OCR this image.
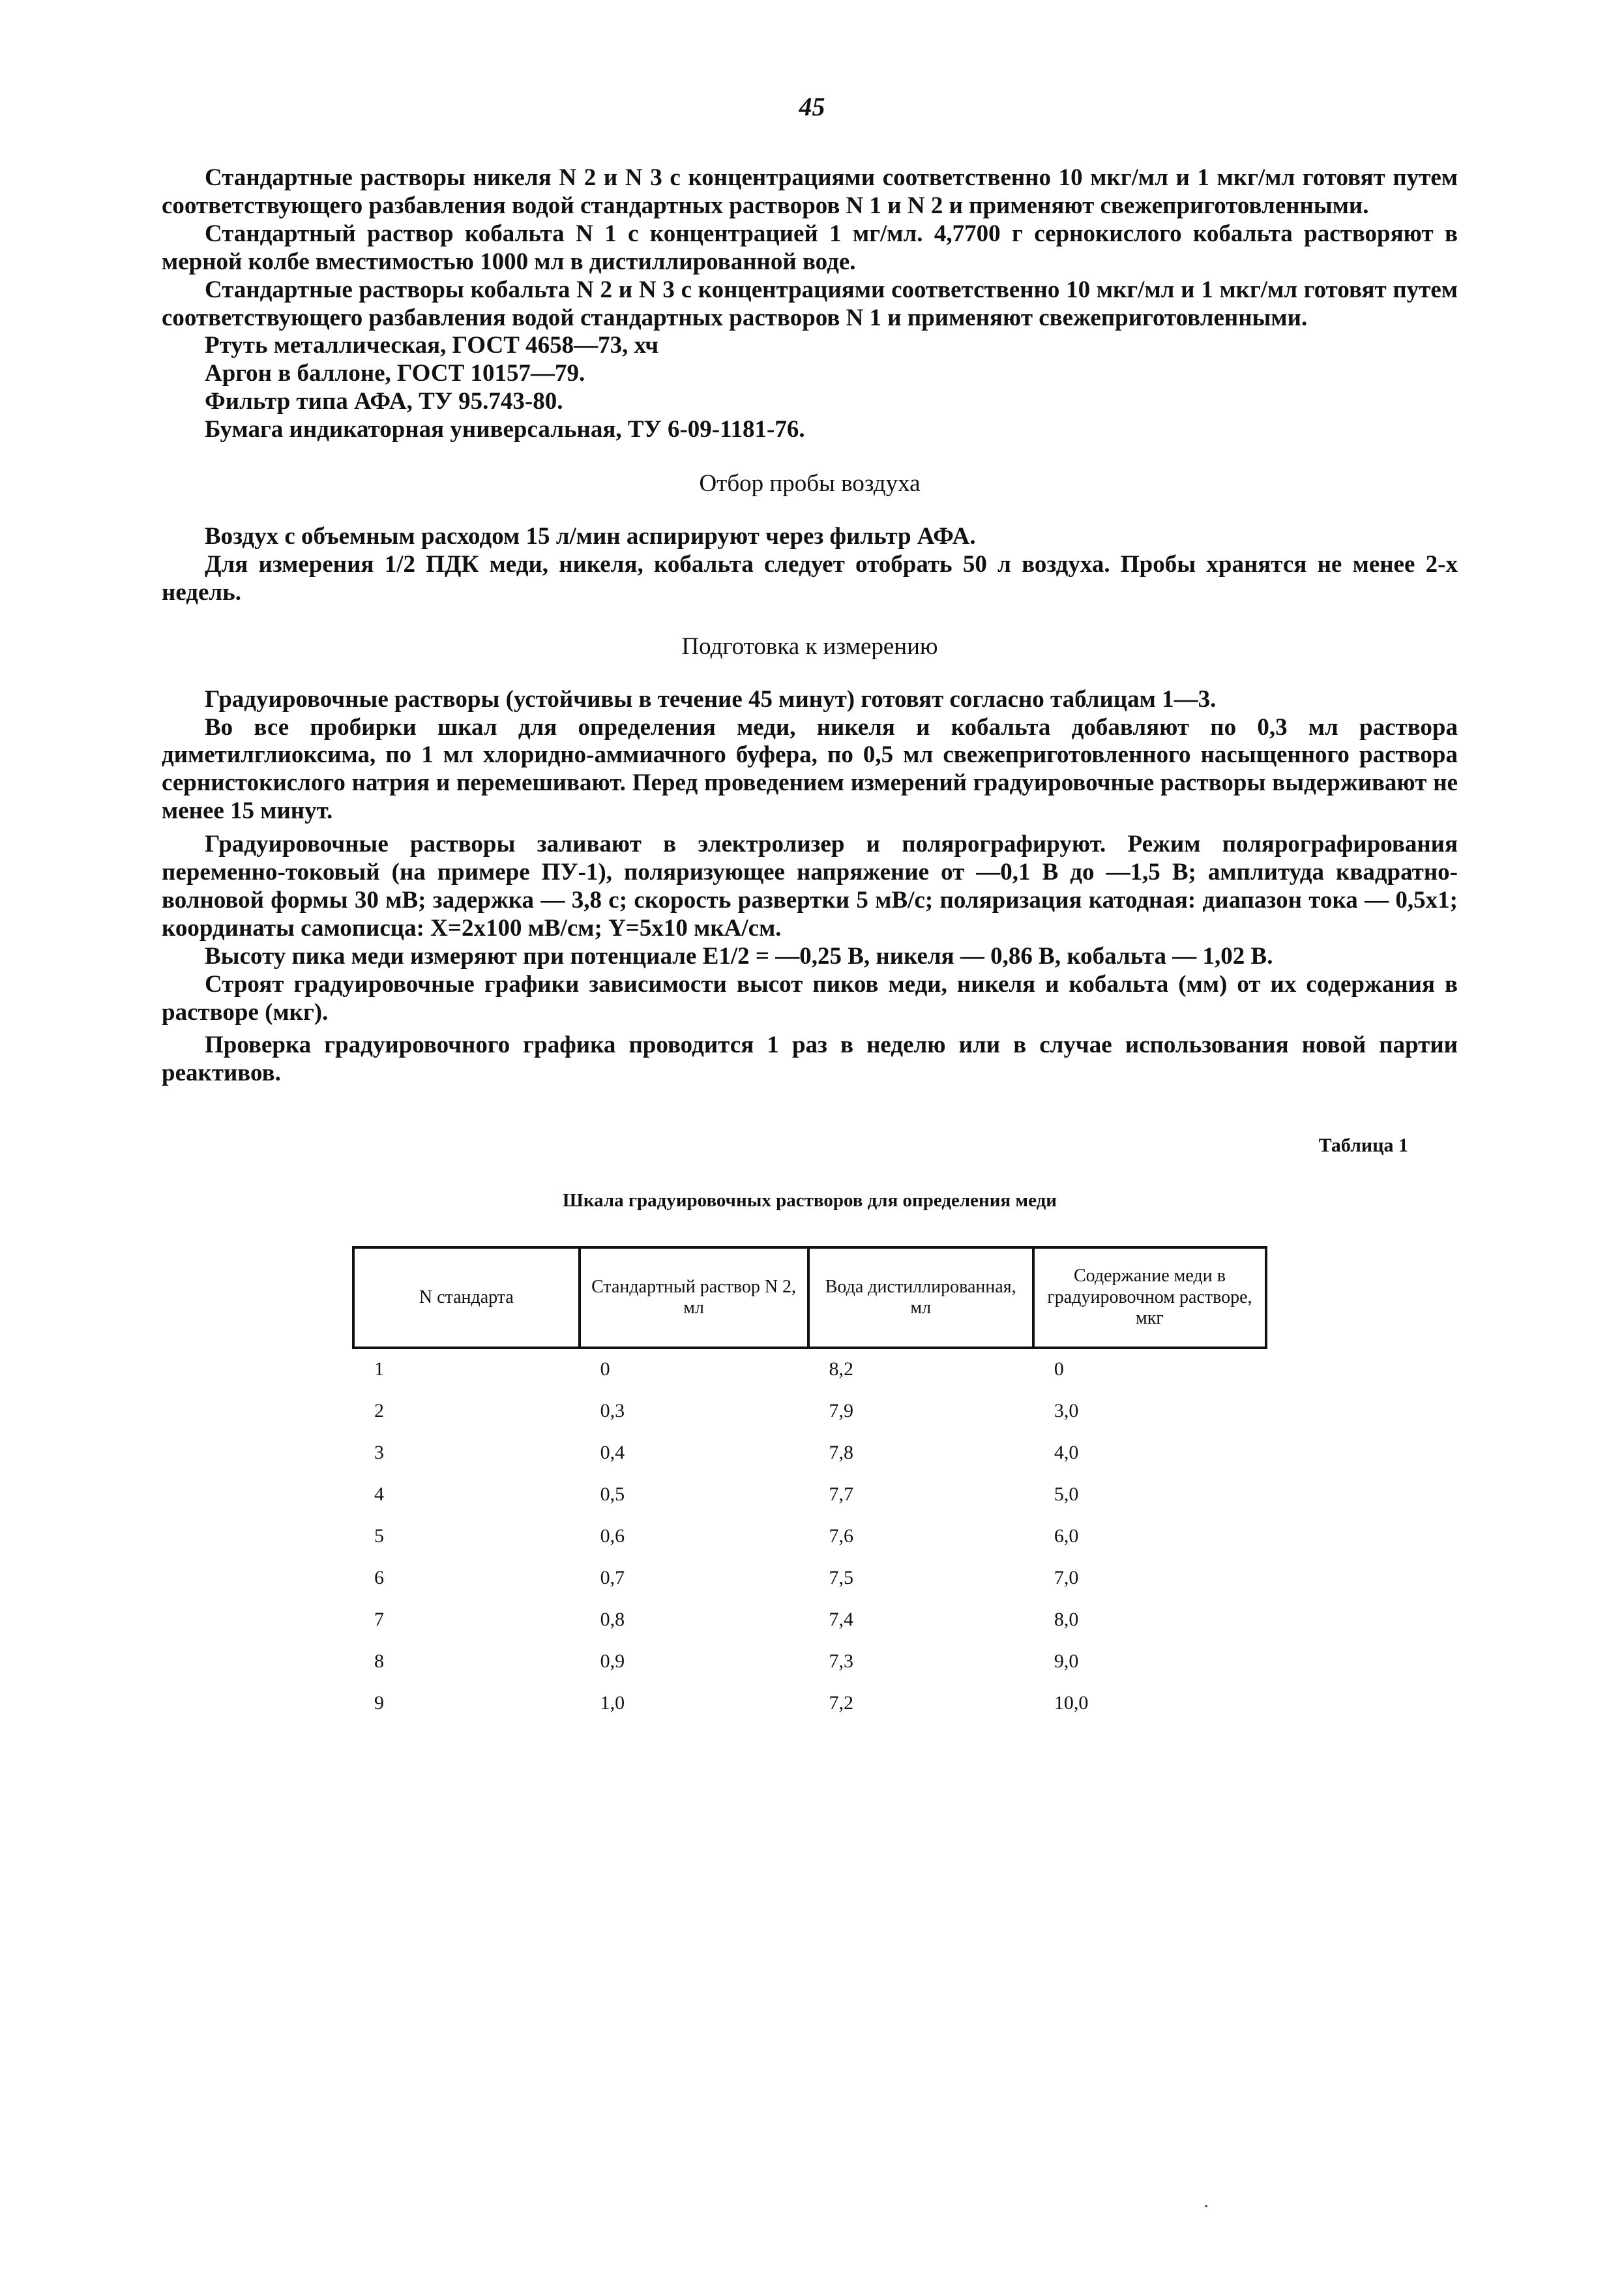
45

Стандартные растворы никеля N 2 и N 3 с концентрациями соответственно 10 мкг/мл и 1 мкг/мл готовят путем соответствующего разбавления водой стандартных растворов N 1 и N 2 и применяют свежеприготовленными.

Стандартный раствор кобальта N 1 с концентрацией 1 мг/мл. 4,7700 г сернокислого кобальта растворяют в мерной колбе вместимостью 1000 мл в дистиллированной воде.

Стандартные растворы кобальта N 2 и N 3 с концентрациями соответственно 10 мкг/мл и 1 мкг/мл готовят путем соответствующего разбавления водой стандартных растворов N 1 и применяют свежеприготовленными.

Ртуть металлическая, ГОСТ 4658—73, хч

Аргон в баллоне, ГОСТ 10157—79.

Фильтр типа АФА, ТУ 95.743-80.

Бумага индикаторная универсальная, ТУ 6-09-1181-76.

Отбор пробы воздуха

Воздух с объемным расходом 15 л/мин аспирируют через фильтр АФА.

Для измерения 1/2 ПДК меди, никеля, кобальта следует отобрать 50 л воздуха. Пробы хранятся не менее 2-х недель.

Подготовка к измерению

Градуировочные растворы (устойчивы в течение 45 минут) готовят согласно таблицам 1—3.

Во все пробирки шкал для определения меди, никеля и кобальта добавляют по 0,3 мл раствора диметилглиоксима, по 1 мл хлоридно-аммиачного буфера, по 0,5 мл свежеприготовленного насыщенного раствора сернистокислого натрия и перемешивают. Перед проведением измерений градуировочные растворы выдерживают не менее 15 минут.

Градуировочные растворы заливают в электролизер и полярографируют. Режим полярографирования переменно-токовый (на примере ПУ-1), поляризующее напряжение от —0,1 В до —1,5 В; амплитуда квадратно-волновой формы 30 мВ; задержка — 3,8 с; скорость развертки 5 мВ/с; поляризация катодная: диапазон тока — 0,5х1; координаты самописца: X=2х100 мВ/см; Y=5х10 мкА/см.

Высоту пика меди измеряют при потенциале E1/2 = —0,25 В, никеля — 0,86 В, кобальта — 1,02 В.

Строят градуировочные графики зависимости высот пиков меди, никеля и кобальта (мм) от их содержания в растворе (мкг).

Проверка градуировочного графика проводится 1 раз в неделю или в случае использования новой партии реактивов.

Таблица 1
Шкала градуировочных растворов для определения меди
N стандарта	Стандартный раствор N 2, мл	Вода дистиллированная, мл	Содержание меди в градуировочном растворе, мкг
1	0	8,2	0
2	0,3	7,9	3,0
3	0,4	7,8	4,0
4	0,5	7,7	5,0
5	0,6	7,6	6,0
6	0,7	7,5	7,0
7	0,8	7,4	8,0
8	0,9	7,3	9,0
9	1,0	7,2	10,0
